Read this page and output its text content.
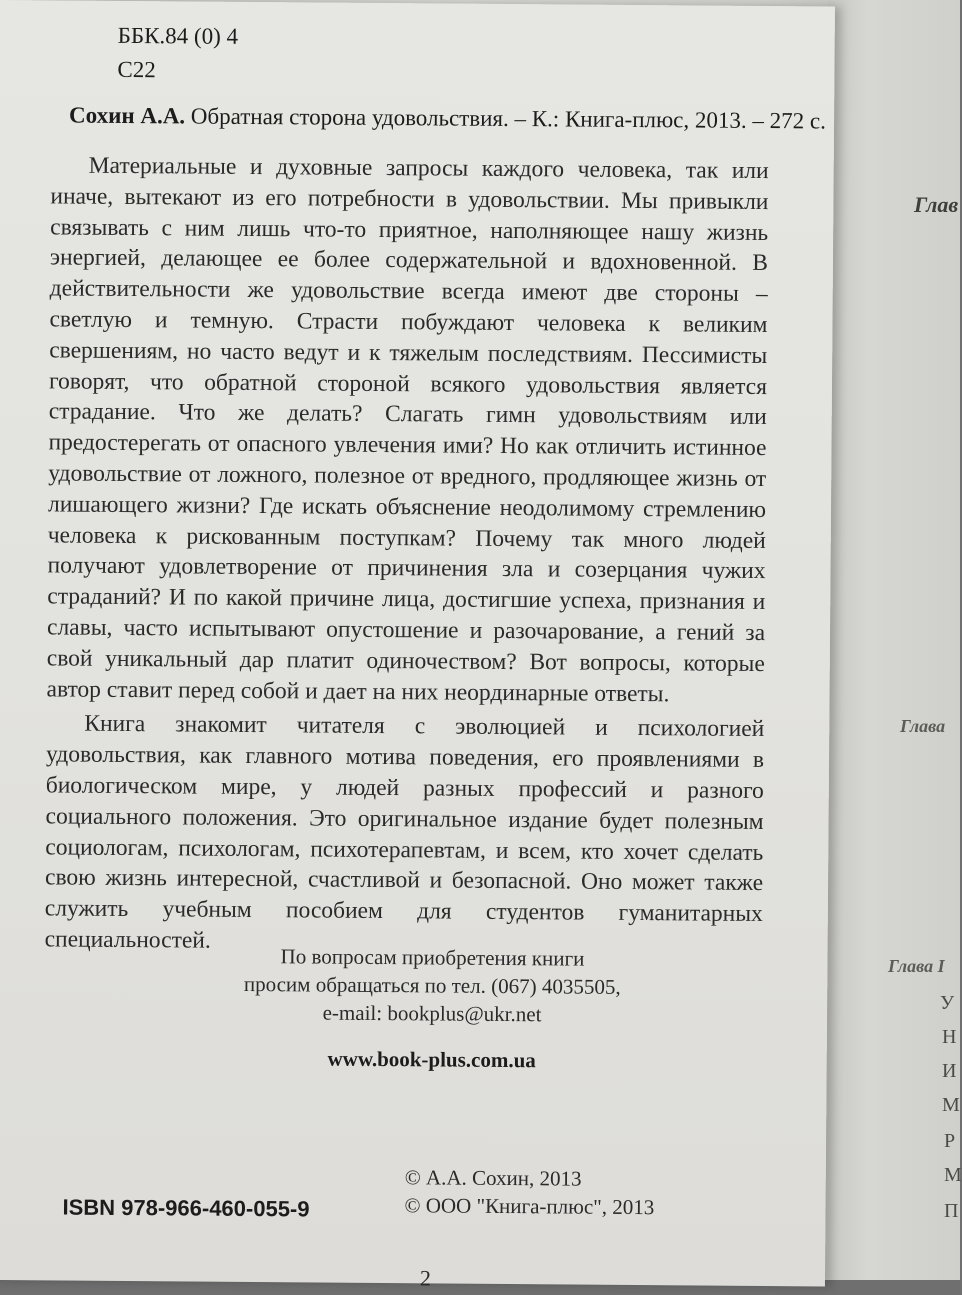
Глав
Глава
Глава I
У
Н
И
М
Р
М
П
ББК.84 (0) 4
С22
Сохин А.А. Обратная сторона удовольствия. – К.: Книга-плюс, 2013. – 272 с.

Материальные и духовные запросы каждого человека, так или иначе, вытекают из его потребности в удовольствии. Мы привыкли связывать с ним лишь что-то приятное, наполняющее нашу жизнь энергией, делающее ее более содержательной и вдохновенной. В действительности же удовольствие всегда имеют две стороны – светлую и темную. Страсти побуждают человека к великим свершениям, но часто ведут и к тяжелым последствиям. Пессимисты говорят, что обратной стороной всякого удовольствия является страдание. Что же делать? Слагать гимн удовольствиям или предостерегать от опасного увлечения ими? Но как отличить истинное удовольствие от ложного, полезное от вредного, продляющее жизнь от лишающего жизни? Где искать объяснение неодолимому стремлению человека к рискованным поступкам? Почему так много людей получают удовлетворение от причинения зла и созерцания чужих страданий? И по какой причине лица, достигшие успеха, признания и славы, часто испытывают опустошение и разочарование, а гений за свой уникальный дар платит одиночеством? Вот вопросы, которые автор ставит перед собой и дает на них неординарные ответы.

Книга знакомит читателя с эволюцией и психологией удовольствия, как главного мотива поведения, его проявлениями в биологическом мире, у людей разных профессий и разного социального положения. Это оригинальное издание будет полезным социологам, психологам, психотерапевтам, и всем, кто хочет сделать свою жизнь интересной, счастливой и безопасной. Оно может также служить учебным пособием для студентов гуманитарных специальностей.

По вопросам приобретения книги
просим обращаться по тел. (067) 4035505,
e-mail: bookplus@ukr.net
www.book-plus.com.ua
ISBN 978-966-460-055-9
© А.А. Сохин, 2013
© ООО "Книга-плюс", 2013
2
